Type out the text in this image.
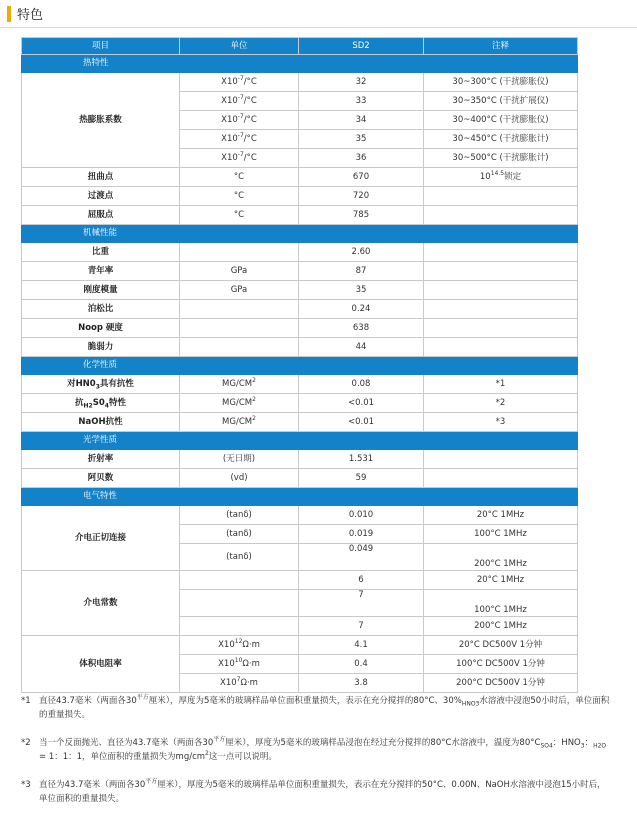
特色
项目	单位	SD2	注释
热特性			
热膨胀系数	$X10^{-7}/^\circ C$	32	30~300°C (干扰膨胀仪)
	$X10^{-7}/^\circ C$	33	30~350°C (干扰扩展仪)
	$X10^{-7}/^\circ C$	34	30~400°C (干扰膨胀仪)
	$X10^{-7}/^\circ C$	35	30~450°C (干扰膨胀计)
	$X10^{-7}/^\circ C$	36	30~500°C (干扰膨胀计)
扭曲点	°C	670	$10^{14.5}$锁定
过渡点	°C	720	
屈服点	°C	785	
机械性能			
比重		2.60	
青年率	GPa	87	
刚度模量	GPa	35	
泊松比		0.24	
Noop 硬度		638	
脆弱力		44	
化学性质			
对$HN0_3$具有抗性	$MG/CM^2$	0.08	*1
抗$_{H2}S0_4$特性	$MG/CM^2$	<0.01	*2
NaOH抗性	$MG/CM^2$	<0.01	*3
光学性质			
折射率	(无日期)	1.531	
阿贝数	(vd)	59	
电气特性			
介电正切连接	(tanδ)	0.010	20°C 1MHz
	(tanδ)	0.019	100°C 1MHz
	(tanδ)	0.049	200°C 1MHz
介电常数		6	20°C 1MHz
		7	100°C 1MHz
		7	200°C 1MHz
体积电阻率	$X10^{12}\Omega\cdot m$	4.1	20°C DC500V 1分钟
	$X10^{10}\Omega\cdot m$	0.4	100°C DC500V 1分钟
	$X10^7\Omega\cdot m$	3.8	200°C DC500V 1分钟
*1 直径43.7毫米（两面各$30^{平方}$厘米），厚度为5毫米的玻璃样品单位面积重量损失，表示在充分搅拌的80°C、$30\%_{HNO3}$水溶液中浸泡50小时后，单位面积的重量损失。
*2 当一个反面抛光、直径为43.7毫米（两面各$30^{平方}$厘米），厚度为5毫米的玻璃样品浸泡在经过充分搅拌的80°C水溶液中，温度为$80^\circ C_{SO4}$：$HNO_3$：$_{H2O}$ = 1：1：1，单位面积的重量损失为$mg/cm^2$这一点可以说明。
*3 直径为43.7毫米（两面各$30^{平方}$厘米），厚度为5毫米的玻璃样品单位面积重量损失，表示在充分搅拌的50°C、0.00N、NaOH水溶液中浸泡15小时后，单位面积的重量损失。
